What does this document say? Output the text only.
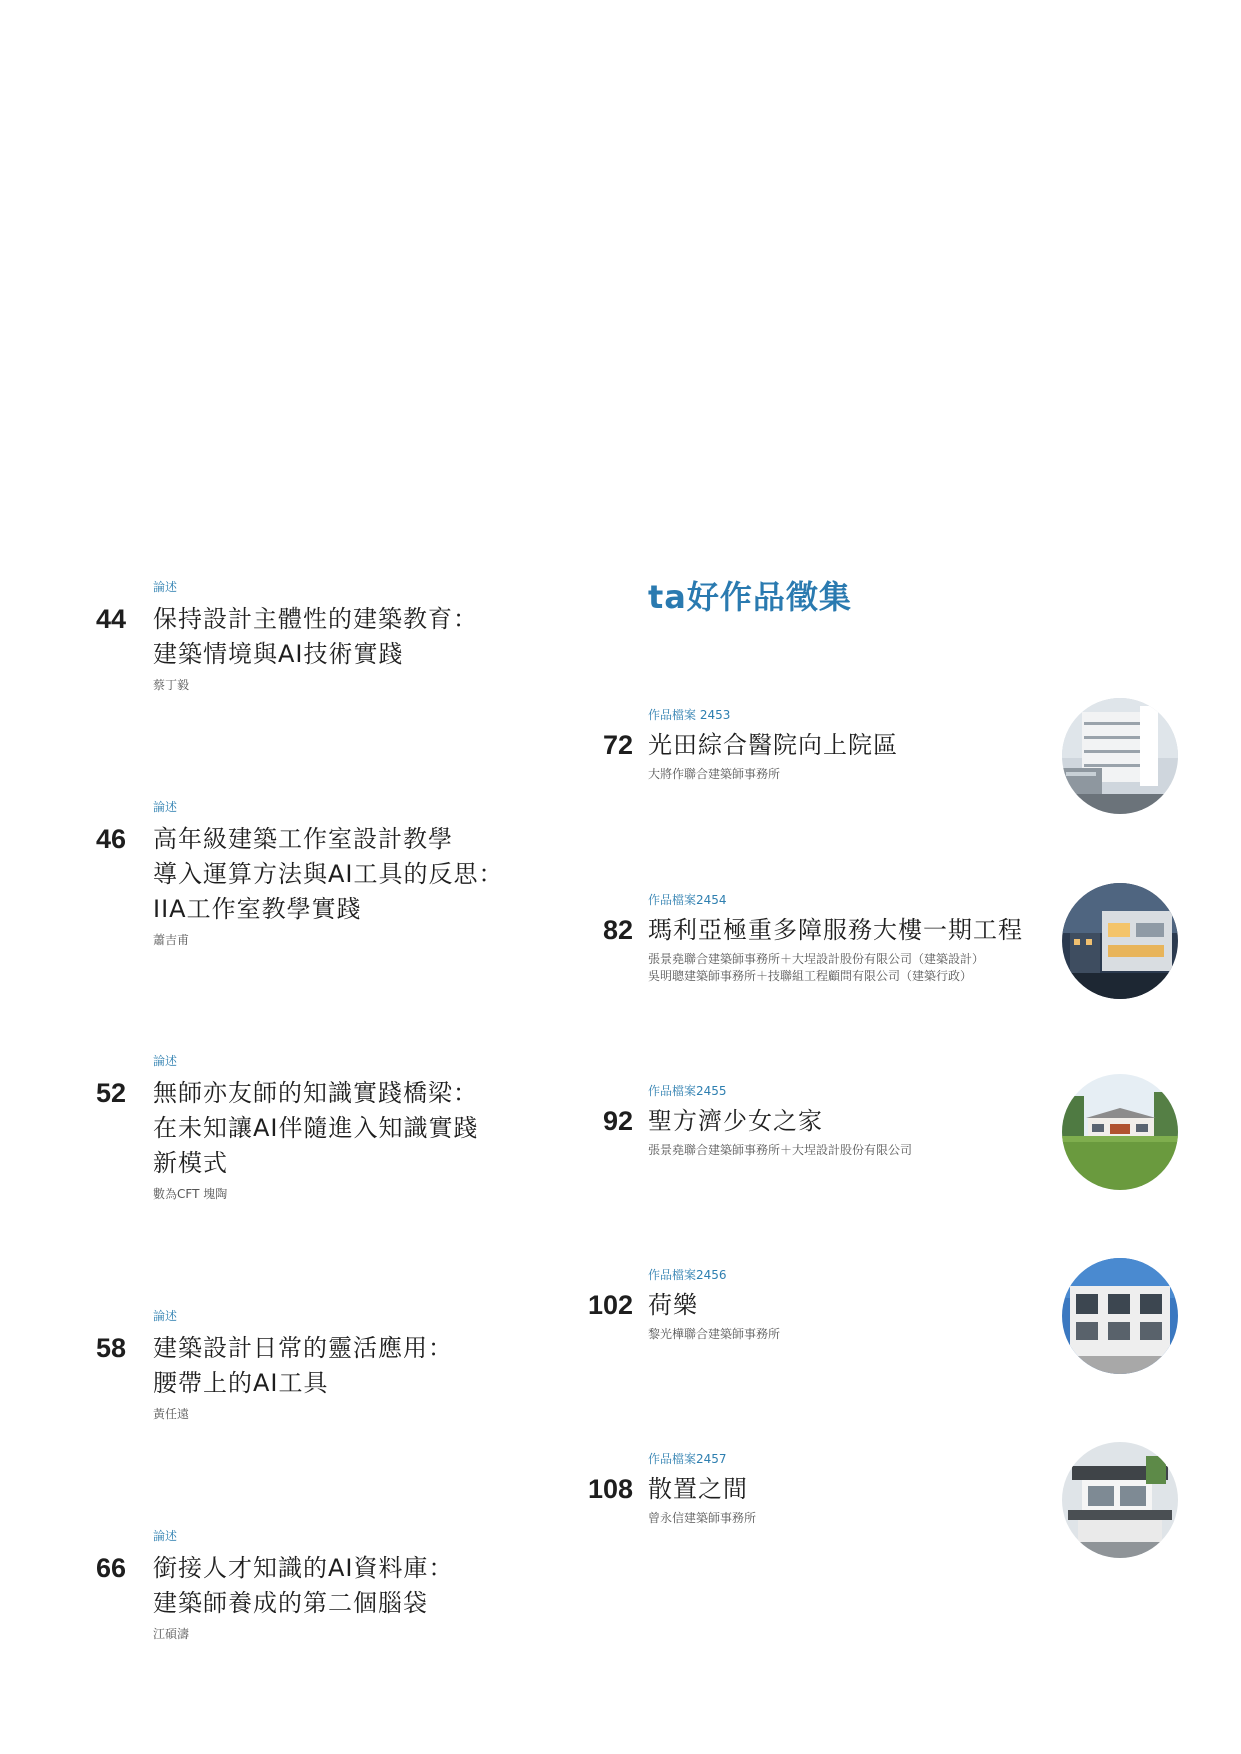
論述
44 保持設計主體性的建築教育：
建築情境與AI技術實踐
蔡丁毅
論述
46 高年級建築工作室設計教學
導入運算方法與AI工具的反思：
IIA工作室教學實踐
蕭吉甫
論述
52 無師亦友師的知識實踐橋梁：
在未知讓AI伴隨進入知識實踐
新模式
數為CFT 塊陶
論述
58 建築設計日常的靈活應用：
腰帶上的AI工具
黃任遠
論述
66 銜接人才知識的AI資料庫：
建築師養成的第二個腦袋
江碩濤
ta好作品徵集
作品檔案 2453
72 光田綜合醫院向上院區
大將作聯合建築師事務所
作品檔案2454
82 瑪利亞極重多障服務大樓一期工程
張景堯聯合建築師事務所＋大埕設計股份有限公司（建築設計）
吳明聰建築師事務所＋技聯組工程顧問有限公司（建築行政）
作品檔案2455
92 聖方濟少女之家
張景堯聯合建築師事務所＋大埕設計股份有限公司
作品檔案2456
102 荷樂
黎光樺聯合建築師事務所
作品檔案2457
108 散置之間
曾永信建築師事務所
